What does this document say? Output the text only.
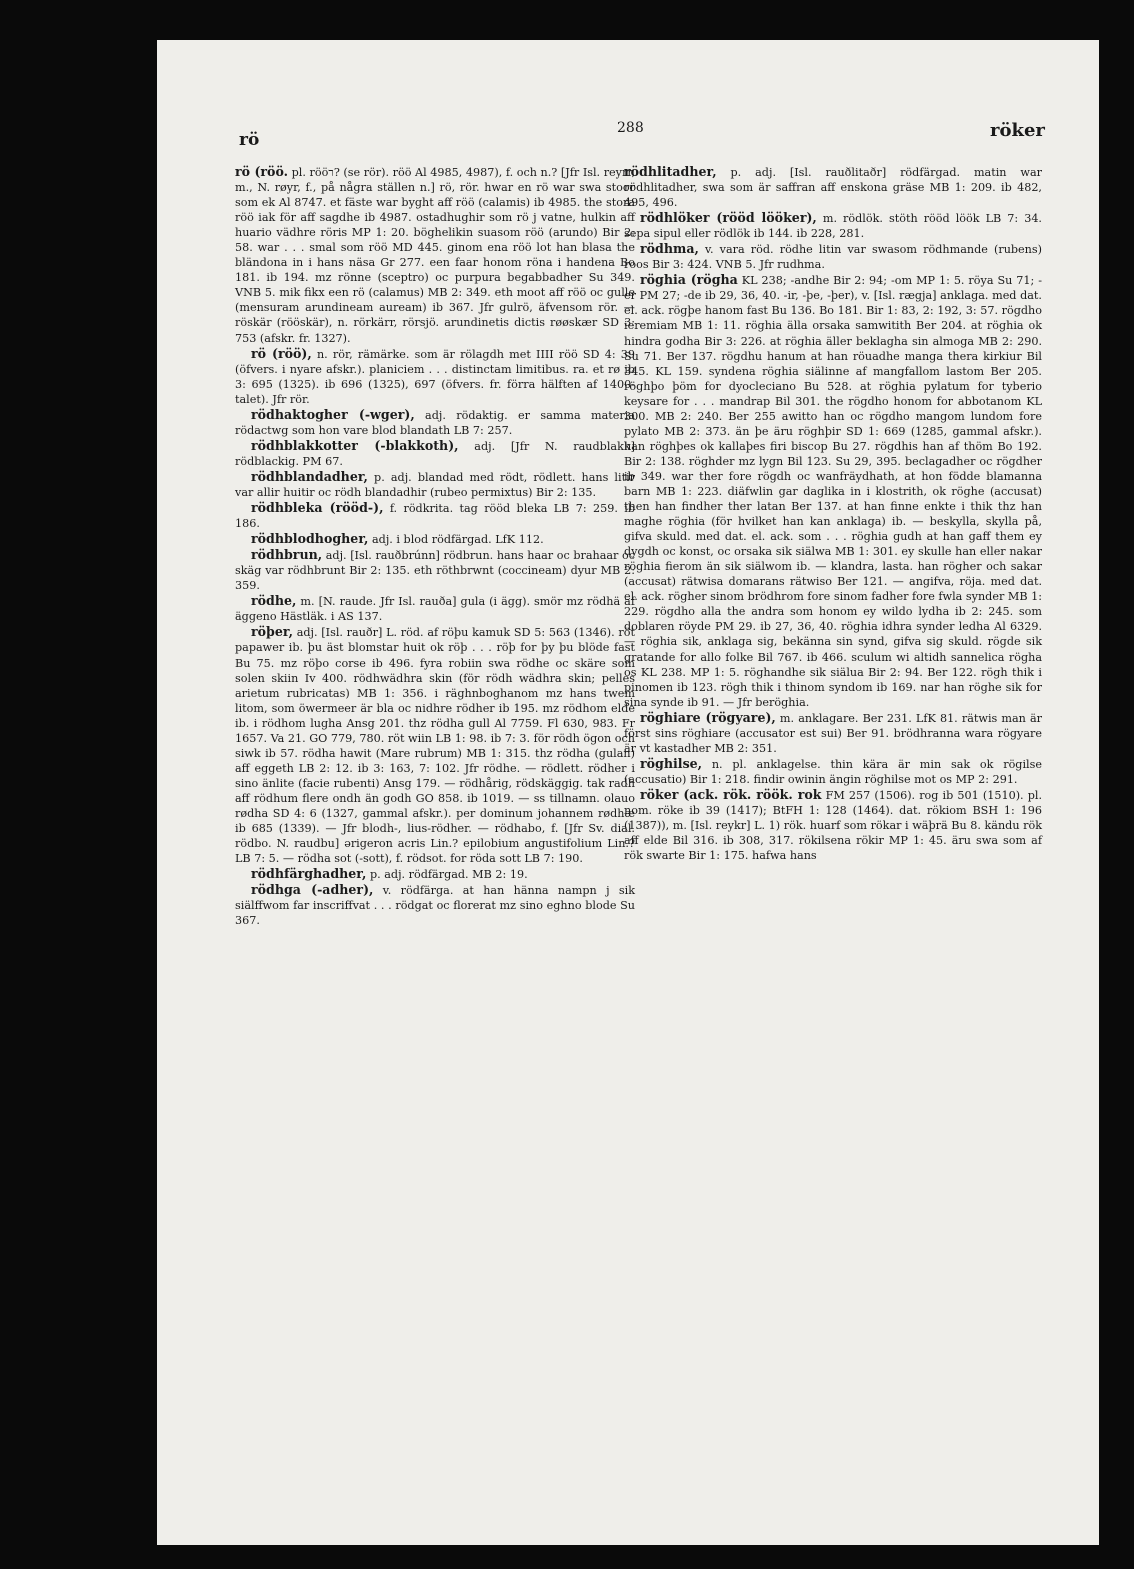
rö
288	röker

rö (röö. pl. rööר? (se rör). röö Al 4985, 4987), f. och n.? [Jfr Isl. reyrr, m., N. røyr, f., på några ställen n.] rö, rör. hwar en rö war swa stoor som ek Al 8747. et fäste war byght aff röö (calamis) ib 4985. the stora röö iak för aff sagdhe ib 4987. ostadhughir som rö j vatne, hulkin aff huario vädhre röris MP 1: 20. böghelikin suasom röö (arundo) Bir 2: 58. war . . . smal som röö MD 445. ginom ena röö lot han blasa the bländona in i hans näsa Gr 277. een faar honom röna i handena Bo 181. ib 194. mz rönne (sceptro) oc purpura begabbadher Su 349. VNB 5. mik fikx een rö (calamus) MB 2: 349. eth moot aff röö oc gulle (mensuram arundineam auream) ib 367. Jfr gulrö, äfvensom rör. — röskär (rööskär), n. rörkärr, rörsjö. arundinetis dictis røøskær SD 3: 753 (afskr. fr. 1327).

rö (röö), n. rör, rämärke. som är rölagdh met IIII röö SD 4: 39 (öfvers. i nyare afskr.). planiciem . . . distinctam limitibus. ra. et rø ib 3: 695 (1325). ib 696 (1325), 697 (öfvers. fr. förra hälften af 1400-talet). Jfr rör.

rödhaktogher (-wger), adj. rödaktig. er samma materia rödactwg som hon vare blod blandath LB 7: 257.

rödhblakkotter (-blakkoth), adj. [Jfr N. raudblakk] rödblackig. PM 67.

rödhblandadher, p. adj. blandad med rödt, rödlett. hans litir var allir huitir oc rödh blandadhir (rubeo permixtus) Bir 2: 135.

rödhbleka (rööd-), f. rödkrita. tag rööd bleka LB 7: 259. ib 186.

rödhblodhogher, adj. i blod rödfärgad. LfK 112.

rödhbrun, adj. [Isl. rauðbrúnn] rödbrun. hans haar oc brahaar oc skäg var rödhbrunt Bir 2: 135. eth röthbrwnt (coccineam) dyur MB 2: 359.

rödhe, m. [N. raude. Jfr Isl. rauða] gula (i ägg). smör mz rödhä af äggeno Hästläk. i AS 137.

röþer, adj. [Isl. rauðr] L. röd. af röþu kamuk SD 5: 563 (1346). röt papawer ib. þu äst blomstar huit ok röþ . . . röþ for þy þu blöde fast Bu 75. mz röþo corse ib 496. fyra robiin swa rödhe oc skäre som solen skiin Iv 400. rödhwädhra skin (för rödh wädhra skin; pelles arietum rubricatas) MB 1: 356. i räghnboghanom mz hans twem litom, som öwermeer är bla oc nidhre rödher ib 195. mz rödhom elde ib. i rödhom lugha Ansg 201. thz rödha gull Al 7759. Fl 630, 983. Fr 1657. Va 21. GO 779, 780. röt wiin LB 1: 98. ib 7: 3. för rödh ögon och siwk ib 57. rödha hawit (Mare rubrum) MB 1: 315. thz rödha (gulan) aff eggeth LB 2: 12. ib 3: 163, 7: 102. Jfr rödhe. — rödlett. rödher i sino änlite (facie rubenti) Ansg 179. — rödhårig, rödskäggig. tak radh aff rödhum flere ondh än godh GO 858. ib 1019. — ss tillnamn. olauo rødha SD 4: 6 (1327, gammal afskr.). per dominum johannem rødhæ ib 685 (1339). — Jfr blodh-, lius-rödher. — rödhabo, f. [Jfr Sv. dial. rödbo. N. raudbu] ərigeron acris Lin.? epilobium angustifolium Lin.? LB 7: 5. — rödha sot (-sott), f. rödsot. for röda sott LB 7: 190.

rödhfärghadher, p. adj. rödfärgad. MB 2: 19.

rödhga (-adher), v. rödfärga. at han hänna nampn j sik siälffwom far inscriffvat . . . rödgat oc florerat mz sino eghno blode Su 367.

rödhlitadher, p. adj. [Isl. rauðlitaðr] rödfärgad. matin war rödhlitadher, swa som är saffran aff enskona gräse MB 1: 209. ib 482, 495, 496.

rödhlöker (rööd lööker), m. rödlök. stöth rööd löök LB 7: 34. sepa sipul eller rödlök ib 144. ib 228, 281.

rödhma, v. vara röd. rödhe litin var swasom rödhmande (rubens) roos Bir 3: 424. VNB 5. Jfr rudhma.

röghia (rögha KL 238; -andhe Bir 2: 94; -om MP 1: 5. röya Su 71; -er PM 27; -de ib 29, 36, 40. -ir, -þe, -þer), v. [Isl. rægja] anklaga. med dat. el. ack. rögþe hanom fast Bu 136. Bo 181. Bir 1: 83, 2: 192, 3: 57. rögdho ieremiam MB 1: 11. röghia älla orsaka samwitith Ber 204. at röghia ok hindra godha Bir 3: 226. at röghia äller beklagha sin almoga MB 2: 290. Su 71. Ber 137. rögdhu hanum at han röuadhe manga thera kirkiur Bil 345. KL 159. syndena röghia siälinne af mangfallom lastom Ber 205. röghþo þöm for dyocleciano Bu 528. at röghia pylatum for tyberio keysare for . . . mandrap Bil 301. the rögdho honom for abbotanom KL 300. MB 2: 240. Ber 255 awitto han oc rögdho mangom lundom fore pylato MB 2: 373. än þe äru röghþir SD 1: 669 (1285, gammal afskr.). han röghþes ok kallaþes firi biscop Bu 27. rögdhis han af thöm Bo 192. Bir 2: 138. röghder mz lygn Bil 123. Su 29, 395. beclagadher oc rögdher ib 349. war ther fore rögdh oc wanfräydhath, at hon födde blamanna barn MB 1: 223. diäfwlin gar daglika in i klostrith, ok röghe (accusat) then han findher ther latan Ber 137. at han finne enkte i thik thz han maghe röghia (för hvilket han kan anklaga) ib. — beskylla, skylla på, gifva skuld. med dat. el. ack. som . . . röghia gudh at han gaff them ey dygdh oc konst, oc orsaka sik siälwa MB 1: 301. ey skulle han eller nakar röghia fierom än sik siälwom ib. — klandra, lasta. han rögher och sakar (accusat) rätwisa domarans rätwiso Ber 121. — angifva, röja. med dat. el. ack. rögher sinom brödhrom fore sinom fadher fore fwla synder MB 1: 229. rögdho alla the andra som honom ey wildo lydha ib 2: 245. som doblaren röyde PM 29. ib 27, 36, 40. röghia idhra synder ledha Al 6329. — röghia sik, anklaga sig, bekänna sin synd, gifva sig skuld. rögde sik gratande for allo folke Bil 767. ib 466. sculum wi altidh sannelica rögha os KL 238. MP 1: 5. röghandhe sik siälua Bir 2: 94. Ber 122. rögh thik i pinomen ib 123. rögh thik i thinom syndom ib 169. nar han röghe sik for sina synde ib 91. — Jfr beröghia.

röghiare (rögyare), m. anklagare. Ber 231. LfK 81. rätwis man är först sins röghiare (accusator est sui) Ber 91. brödhranna wara rögyare är vt kastadher MB 2: 351.

röghilse, n. pl. anklagelse. thin kära är min sak ok rögilse (accusatio) Bir 1: 218. findir owinin ängin röghilse mot os MP 2: 291.

röker (ack. rök. röök. rok FM 257 (1506). rog ib 501 (1510). pl. nom. röke ib 39 (1417); BtFH 1: 128 (1464). dat. rökiom BSH 1: 196 (1387)), m. [Isl. reykr] L. 1) rök. huarf som rökar i wäþrä Bu 8. kändu rök aff elde Bil 316. ib 308, 317. rökilsena rökir MP 1: 45. äru swa som af rök swarte Bir 1: 175. hafwa hans
